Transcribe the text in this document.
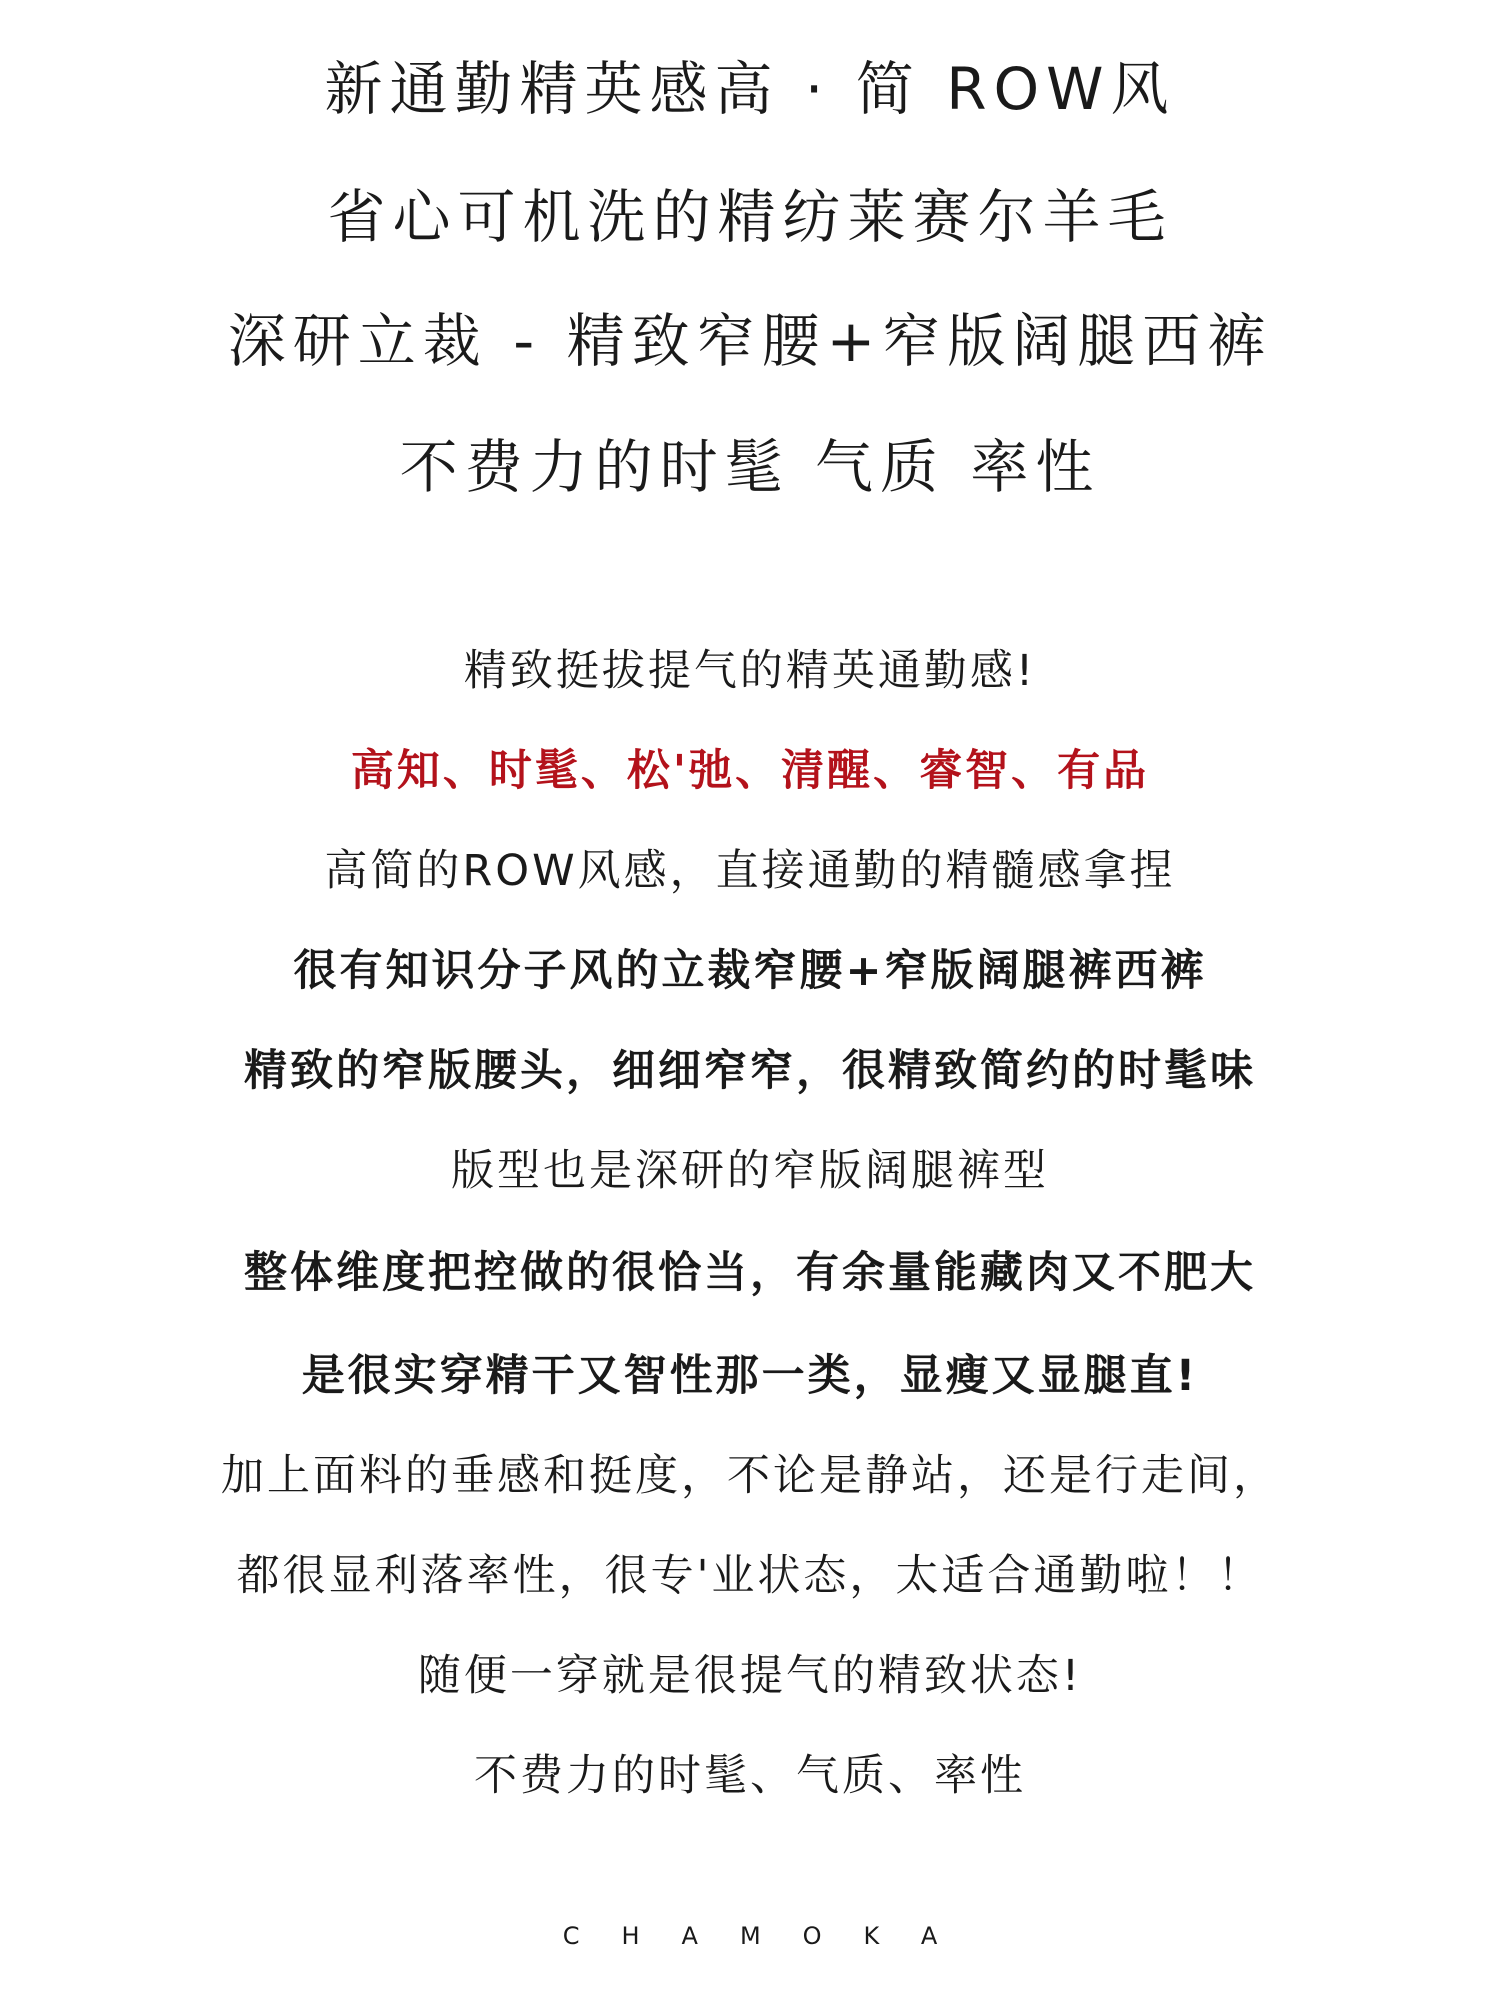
新通勤精英感高 · 简 ROW风
省心可机洗的精纺莱赛尔羊毛
深研立裁 - 精致窄腰+窄版阔腿西裤
不费力的时髦 气质 率性
精致挺拔提气的精英通勤感!
高知、时髦、松'弛、清醒、睿智、有品
高简的ROW风感，直接通勤的精髓感拿捏
很有知识分子风的立裁窄腰+窄版阔腿裤西裤
精致的窄版腰头，细细窄窄，很精致简约的时髦味
版型也是深研的窄版阔腿裤型
整体维度把控做的很恰当，有余量能藏肉又不肥大
是很实穿精干又智性那一类，显瘦又显腿直!
加上面料的垂感和挺度，不论是静站，还是行走间，
都很显利落率性，很专'业状态，太适合通勤啦！！
随便一穿就是很提气的精致状态!
不费力的时髦、气质、率性
CHAMOKA
